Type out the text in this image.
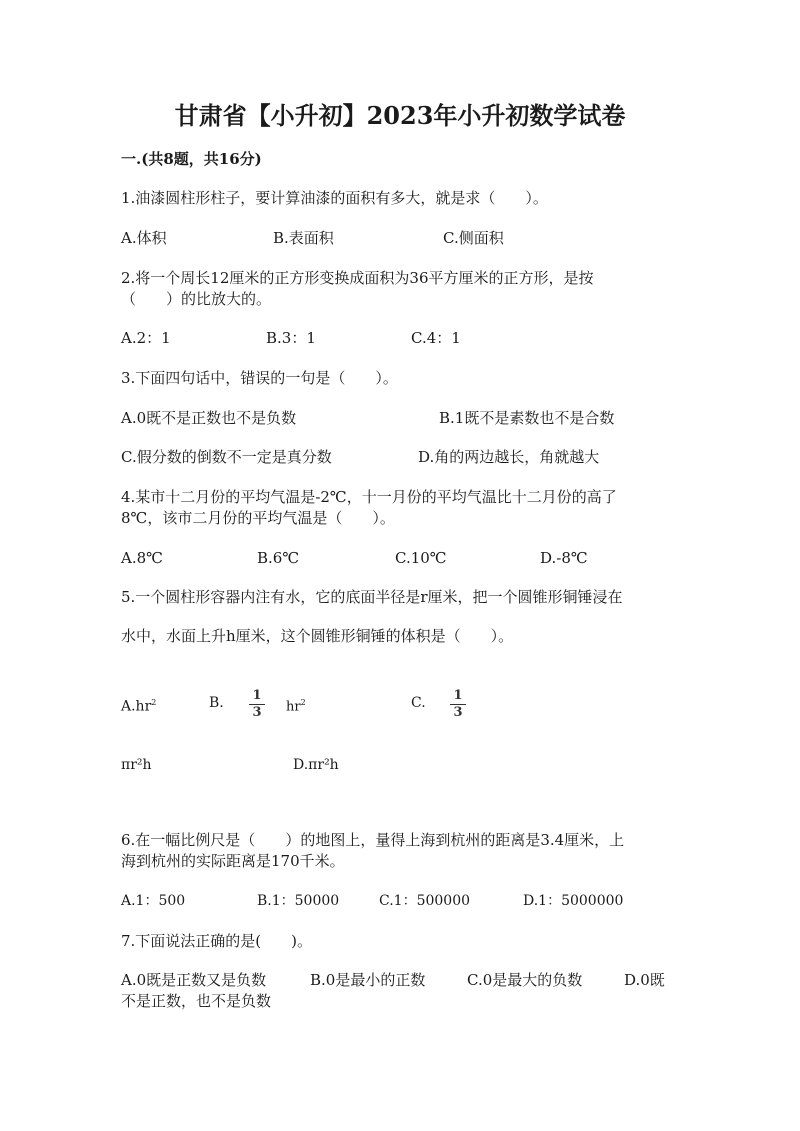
甘肃省【小升初】2023年小升初数学试卷
一.(共8题，共16分)
1.油漆圆柱形柱子，要计算油漆的面积有多大，就是求（　　）。
A.体积	B.表面积	C.侧面积
2.将一个周长12厘米的正方形变换成面积为36平方厘米的正方形，是按
（　　）的比放大的。
A.2：1	B.3：1	C.4：1
3.下面四句话中，错误的一句是（　　）。
A.0既不是正数也不是负数	B.1既不是素数也不是合数
C.假分数的倒数不一定是真分数	D.角的两边越长，角就越大
4.某市十二月份的平均气温是-2℃，十一月份的平均气温比十二月份的高了
8℃，该市二月份的平均气温是（　　）。
A.8℃	B.6℃	C.10℃	D.-8℃
5.一个圆柱形容器内注有水，它的底面半径是r厘米，把一个圆锥形铜锤浸在
水中，水面上升h厘米，这个圆锥形铜锤的体积是（　　）。
$A.hr^2$	B. 1
3 $hr^2$	C. 1
3
πr²h	D.πr²h
6.在一幅比例尺是（　　）的地图上，量得上海到杭州的距离是3.4厘米，上
海到杭州的实际距离是170千米。
A.1：500	B.1：50000	C.1：500000	D.1：5000000
7.下面说法正确的是(　　)。
A.0既是正数又是负数	B.0是最小的正数	C.0是最大的负数	D.0既
不是正数，也不是负数
